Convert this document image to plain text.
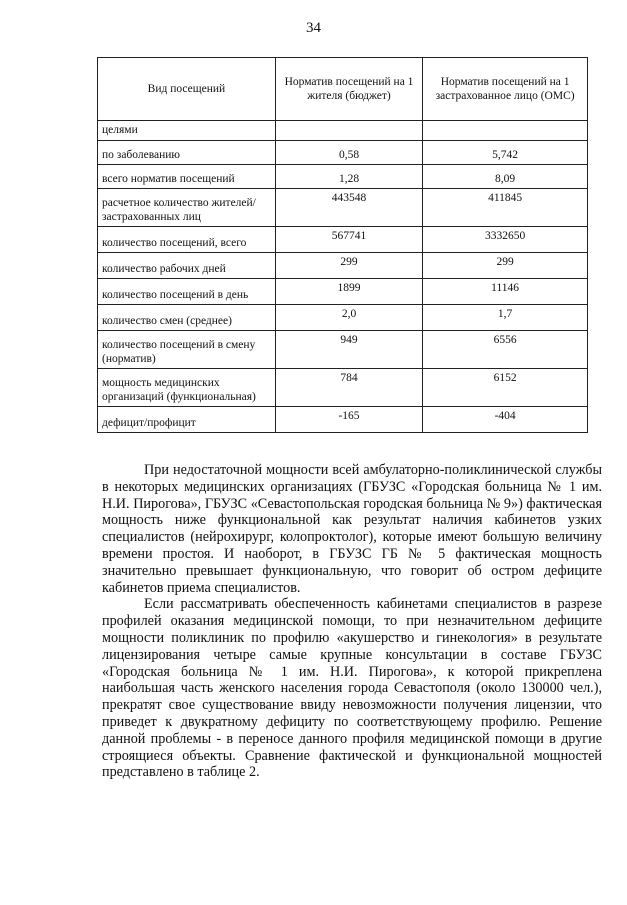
34
Вид посещений	Норматив посещений на 1 жителя (бюджет)	Норматив посещений на 1 застрахованное лицо (ОМС)
целями		
по заболеванию	0,58	5,742
всего норматив посещений	1,28	8,09
расчетное количество жителей/застрахованных лиц	443548	411845
количество посещений, всего	567741	3332650
количество рабочих дней	299	299
количество посещений в день	1899	11146
количество смен (среднее)	2,0	1,7
количество посещений в смену (норматив)	949	6556
мощность медицинских организаций (функциональная)	784	6152
дефицит/профицит	-165	-404

При недостаточной мощности всей амбулаторно-поликлинической службы в некоторых медицинских организациях (ГБУЗС «Городская больница № 1 им. Н.И. Пирогова», ГБУЗС «Севастопольская городская больница № 9») фактическая мощность ниже функциональной как результат наличия кабинетов узких специалистов (нейрохирург, колопроктолог), которые имеют большую величину времени простоя. И наоборот, в ГБУЗС ГБ № 5 фактическая мощность значительно превышает функциональную, что говорит об остром дефиците кабинетов приема специалистов.

Если рассматривать обеспеченность кабинетами специалистов в разрезе профилей оказания медицинской помощи, то при незначительном дефиците мощности поликлиник по профилю «акушерство и гинекология» в результате лицензирования четыре самые крупные консультации в составе ГБУЗС «Городская больница № 1 им. Н.И. Пирогова», к которой прикреплена наибольшая часть женского населения города Севастополя (около 130000 чел.), прекратят свое существование ввиду невозможности получения лицензии, что приведет к двукратному дефициту по соответствующему профилю. Решение данной проблемы - в переносе данного профиля медицинской помощи в другие строящиеся объекты. Сравнение фактической и функциональной мощностей представлено в таблице 2.
